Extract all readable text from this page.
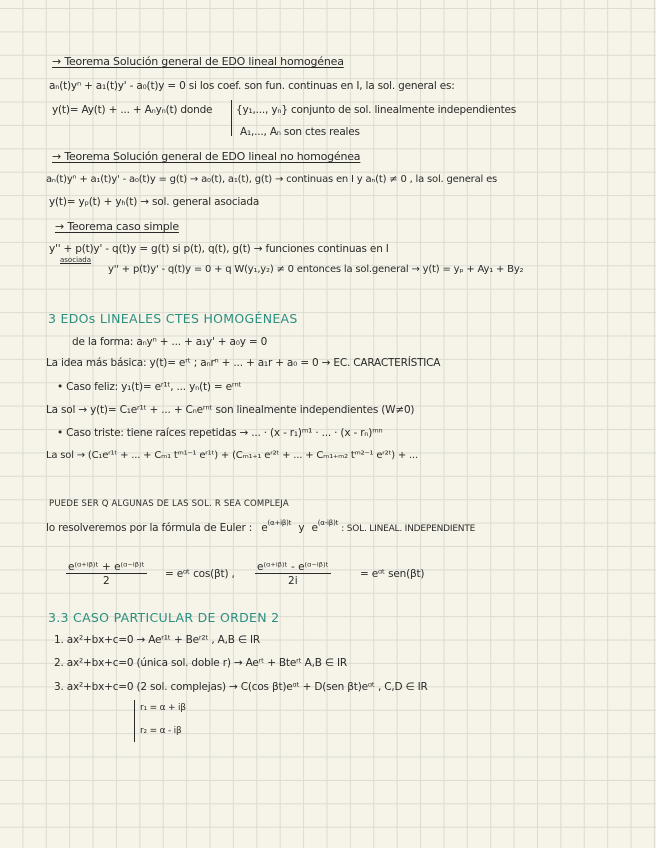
→ Teorema Solución general de EDO lineal homogénea
aₙ(t)yⁿ + a₁(t)y' - a₀(t)y = 0 si los coef. son fun. continuas en I, la sol. general es:
y(t)= Ay(t) + ... + Aₙyₙ(t) donde {y₁,..., yₙ} conjunto de sol. linealmente independientes
A₁,..., Aₙ son ctes reales
→ Teorema Solución general de EDO lineal no homogénea
aₙ(t)yⁿ + a₁(t)y' - a₀(t)y = g(t) → a₀(t), a₁(t), g(t) → continuas en I y aₙ(t) ≠ 0 , la sol. general es
y(t)= yₚ(t) + yₕ(t) → sol. general asociada
→ Teorema caso simple
y'' + p(t)y' - q(t)y = g(t) si p(t), q(t), g(t) → funciones continuas en I
asociada
y'' + p(t)y' - q(t)y = 0 + q W(y₁,y₂) ≠ 0 entonces la sol.general → y(t) = yₚ + Ay₁ + By₂
3 EDOs LINEALES CTES HOMOGÉNEAS
de la forma: aₙyⁿ + ... + a₁y' + a₀y = 0
La idea más básica: y(t)= eʳᵗ ; aₙrⁿ + ... + a₁r + a₀ = 0 → EC. CARACTERÍSTICA
• Caso feliz: y₁(t)= eʳ¹ᵗ, ... yₙ(t) = eʳⁿᵗ
La sol → y(t)= C₁eʳ¹ᵗ + ... + Cₙeʳⁿᵗ son linealmente independientes (W≠0)
• Caso triste: tiene raíces repetidas → ... · (x - r₁)ᵐ¹ · ... · (x - rₙ)ᵐⁿ
La sol → (C₁eʳ¹ᵗ + ... + Cₘ₁ tᵐ¹⁻¹ eʳ¹ᵗ) + (Cₘ₁₊₁ eʳ²ᵗ + ... + Cₘ₁₊ₘ₂ tᵐ²⁻¹ eʳ²ᵗ) + ...
PUEDE SER Q ALGUNAS DE LAS SOL. R SEA COMPLEJA
lo resolveremos por la fórmula de Euler : $e^{(\alpha+i\beta)t}$ y $e^{(\alpha-i\beta)t}$ : SOL. LINEAL. INDEPENDIENTE
$\frac{\text{e⁽ᵅ⁺ⁱᵝ⁾ᵗ + e⁽ᵅ⁻ⁱᵝ⁾ᵗ}}{2}$ = eᵅᵗ cos(βt) , $\frac{\text{e⁽ᵅ⁺ⁱᵝ⁾ᵗ - e⁽ᵅ⁻ⁱᵝ⁾ᵗ}}{2i}$	= eᵅᵗ sen(βt)
3.3 CASO PARTICULAR DE ORDEN 2
1. ax²+bx+c=0 → Aeʳ¹ᵗ + Beʳ²ᵗ , A,B ∈ IR
2. ax²+bx+c=0 (única sol. doble r) → Aeʳᵗ + Bteʳᵗ A,B ∈ IR
3. ax²+bx+c=0 (2 sol. complejas) → C(cos βt)eᵅᵗ + D(sen βt)eᵅᵗ , C,D ∈ IR
r₁ = α + iβ
r₂ = α - iβ
